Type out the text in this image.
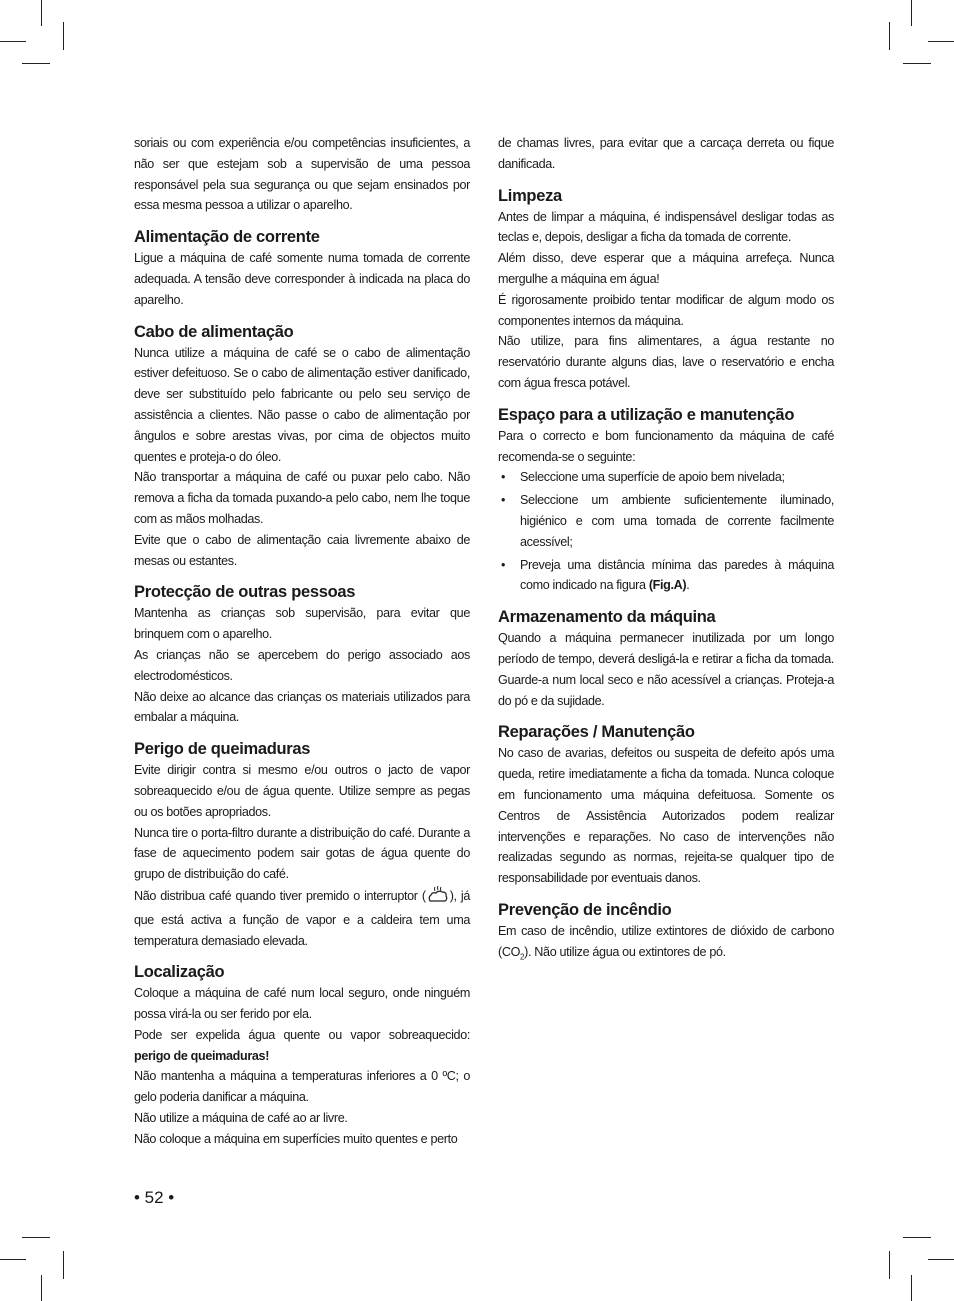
soriais ou com experiência e/ou competências insuficientes, a não ser que estejam sob a supervisão de uma pessoa responsável pela sua segurança ou que sejam ensinados por essa mesma pessoa a utilizar o aparelho.

Alimentação de corrente

Ligue a máquina de café somente numa tomada de corrente adequada. A tensão deve corresponder à indicada na placa do aparelho.

Cabo de alimentação

Nunca utilize a máquina de café se o cabo de alimentação estiver defeituoso. Se o cabo de alimentação estiver danificado, deve ser substituído pelo fabricante ou pelo seu serviço de assistência a clientes. Não passe o cabo de alimentação por ângulos e sobre arestas vivas, por cima de objectos muito quentes e proteja-o do óleo.

Não transportar a máquina de café ou puxar pelo cabo. Não remova a ficha da tomada puxando-a pelo cabo, nem lhe toque com as mãos molhadas.

Evite que o cabo de alimentação caia livremente abaixo de mesas ou estantes.

Protecção de outras pessoas

Mantenha as crianças sob supervisão, para evitar que brinquem com o aparelho.

As crianças não se apercebem do perigo associado aos electrodomésticos.

Não deixe ao alcance das crianças os materiais utilizados para embalar a máquina.

Perigo de queimaduras

Evite dirigir contra si mesmo e/ou outros o jacto de vapor sobreaquecido e/ou de água quente. Utilize sempre as pegas ou os botões apropriados.

Nunca tire o porta-filtro durante a distribuição do café. Durante a fase de aquecimento podem sair gotas de água quente do grupo de distribuição do café.

Não distribua café quando tiver premido o interruptor ( ), já que está activa a função de vapor e a caldeira tem uma temperatura demasiado elevada.

Localização

Coloque a máquina de café num local seguro, onde ninguém possa virá-la ou ser ferido por ela.

Pode ser expelida água quente ou vapor sobreaquecido: perigo de queimaduras!

Não mantenha a máquina a temperaturas inferiores a 0 ºC; o gelo poderia danificar a máquina.

Não utilize a máquina de café ao ar livre.

Não coloque a máquina em superfícies muito quentes e perto

de chamas livres, para evitar que a carcaça derreta ou fique danificada.

Limpeza

Antes de limpar a máquina, é indispensável desligar todas as teclas e, depois, desligar a ficha da tomada de corrente.

Além disso, deve esperar que a máquina arrefeça. Nunca mergulhe a máquina em água!

É rigorosamente proibido tentar modificar de algum modo os componentes internos da máquina.

Não utilize, para fins alimentares, a água restante no reservatório durante alguns dias, lave o reservatório e encha com água fresca potável.

Espaço para a utilização e manutenção

Para o correcto e bom funcionamento da máquina de café recomenda-se o seguinte:

• Seleccione uma superfície de apoio bem nivelada;
• Seleccione um ambiente suficientemente iluminado, higiénico e com uma tomada de corrente facilmente acessível;
• Preveja uma distância mínima das paredes à máquina como indicado na figura (Fig.A).
Armazenamento da máquina

Quando a máquina permanecer inutilizada por um longo período de tempo, deverá desligá-la e retirar a ficha da tomada. Guarde-a num local seco e não acessível a crianças. Proteja-a do pó e da sujidade.

Reparações / Manutenção

No caso de avarias, defeitos ou suspeita de defeito após uma queda, retire imediatamente a ficha da tomada. Nunca coloque em funcionamento uma máquina defeituosa. Somente os Centros de Assistência Autorizados podem realizar intervenções e reparações. No caso de intervenções não realizadas segundo as normas, rejeita-se qualquer tipo de responsabilidade por eventuais danos.

Prevenção de incêndio

Em caso de incêndio, utilize extintores de dióxido de carbono $(CO_2)$. Não utilize água ou extintores de pó.

• 52 •
